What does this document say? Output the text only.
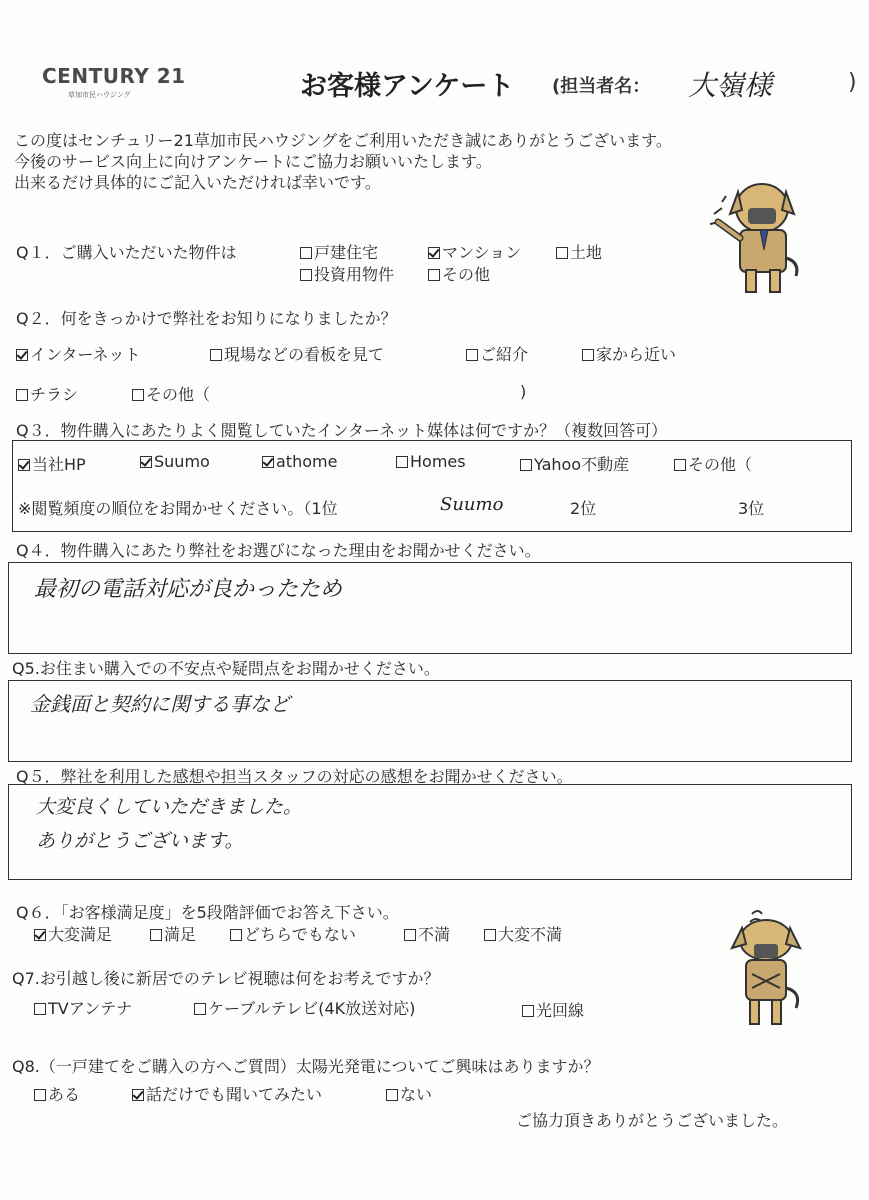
CENTURY 21
草加市民ハウジング	お客様アンケート (担当者名： 大嶺様	)
この度はセンチュリー21草加市民ハウジングをご利用いただき誠にありがとうございます。
今後のサービス向上に向けアンケートにご協力お願いいたします。
出来るだけ具体的にご記入いただければ幸いです。
Q１．ご購入いただいた物件は	戸建住宅	マンション	土地
投資用物件	その他
Q２．何をきっかけで弊社をお知りになりましたか？
インターネット	現場などの看板を見て	ご紹介	家から近い
チラシ	その他（	)
Q３．物件購入にあたりよく閲覧していたインターネット媒体は何ですか？（複数回答可）
当社HP	Suumo	athome	Homes	Yahoo不動産	その他（
※閲覧頻度の順位をお聞かせください。（1位	Suumo	2位	3位
Q４．物件購入にあたり弊社をお選びになった理由をお聞かせください。
最初の電話対応が良かったため
Q5.お住まい購入での不安点や疑問点をお聞かせください。
金銭面と契約に関する事など
Q５．弊社を利用した感想や担当スタッフの対応の感想をお聞かせください。
大変良くしていただきました。
ありがとうございます。
Q６．「お客様満足度」を5段階評価でお答え下さい。
大変満足	満足	どちらでもない	不満	大変不満
Q7.お引越し後に新居でのテレビ視聴は何をお考えですか？
TVアンテナ	ケーブルテレビ(4K放送対応)	光回線
Q8.（一戸建てをご購入の方へご質問）太陽光発電についてご興味はありますか？
ある	話だけでも聞いてみたい	ない
ご協力頂きありがとうございました。
